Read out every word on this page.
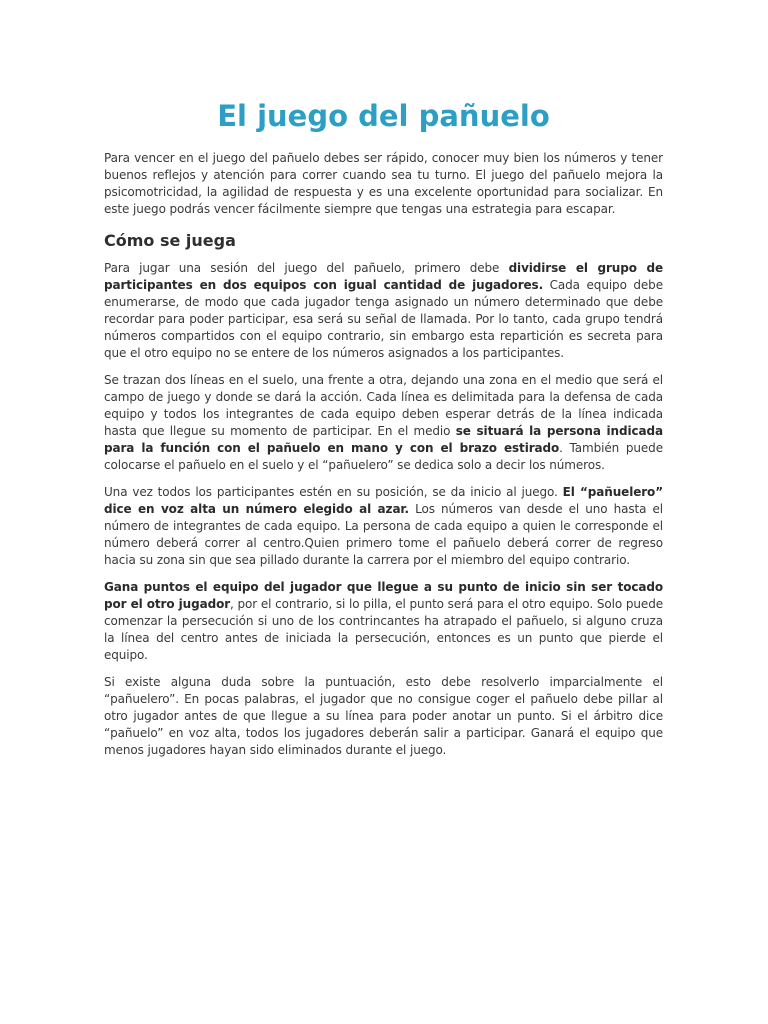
El juego del pañuelo

Para vencer en el juego del pañuelo debes ser rápido, conocer muy bien los números y tener buenos reflejos y atención para correr cuando sea tu turno. El juego del pañuelo mejora la psicomotricidad, la agilidad de respuesta y es una excelente oportunidad para socializar. En este juego podrás vencer fácilmente siempre que tengas una estrategia para escapar.

Cómo se juega

Para jugar una sesión del juego del pañuelo, primero debe dividirse el grupo de participantes en dos equipos con igual cantidad de jugadores. Cada equipo debe enumerarse, de modo que cada jugador tenga asignado un número determinado que debe recordar para poder participar, esa será su señal de llamada. Por lo tanto, cada grupo tendrá números compartidos con el equipo contrario, sin embargo esta repartición es secreta para que el otro equipo no se entere de los números asignados a los participantes.

Se trazan dos líneas en el suelo, una frente a otra, dejando una zona en el medio que será el campo de juego y donde se dará la acción. Cada línea es delimitada para la defensa de cada equipo y todos los integrantes de cada equipo deben esperar detrás de la línea indicada hasta que llegue su momento de participar. En el medio se situará la persona indicada para la función con el pañuelo en mano y con el brazo estirado. También puede colocarse el pañuelo en el suelo y el “pañuelero” se dedica solo a decir los números.

Una vez todos los participantes estén en su posición, se da inicio al juego. El “pañuelero” dice en voz alta un número elegido al azar. Los números van desde el uno hasta el número de integrantes de cada equipo. La persona de cada equipo a quien le corresponde el número deberá correr al centro.Quien primero tome el pañuelo deberá correr de regreso hacia su zona sin que sea pillado durante la carrera por el miembro del equipo contrario.

Gana puntos el equipo del jugador que llegue a su punto de inicio sin ser tocado por el otro jugador, por el contrario, si lo pilla, el punto será para el otro equipo. Solo puede comenzar la persecución si uno de los contrincantes ha atrapado el pañuelo, si alguno cruza la línea del centro antes de iniciada la persecución, entonces es un punto que pierde el equipo.

Si existe alguna duda sobre la puntuación, esto debe resolverlo imparcialmente el “pañuelero”. En pocas palabras, el jugador que no consigue coger el pañuelo debe pillar al otro jugador antes de que llegue a su línea para poder anotar un punto. Si el árbitro dice “pañuelo” en voz alta, todos los jugadores deberán salir a participar. Ganará el equipo que menos jugadores hayan sido eliminados durante el juego.
